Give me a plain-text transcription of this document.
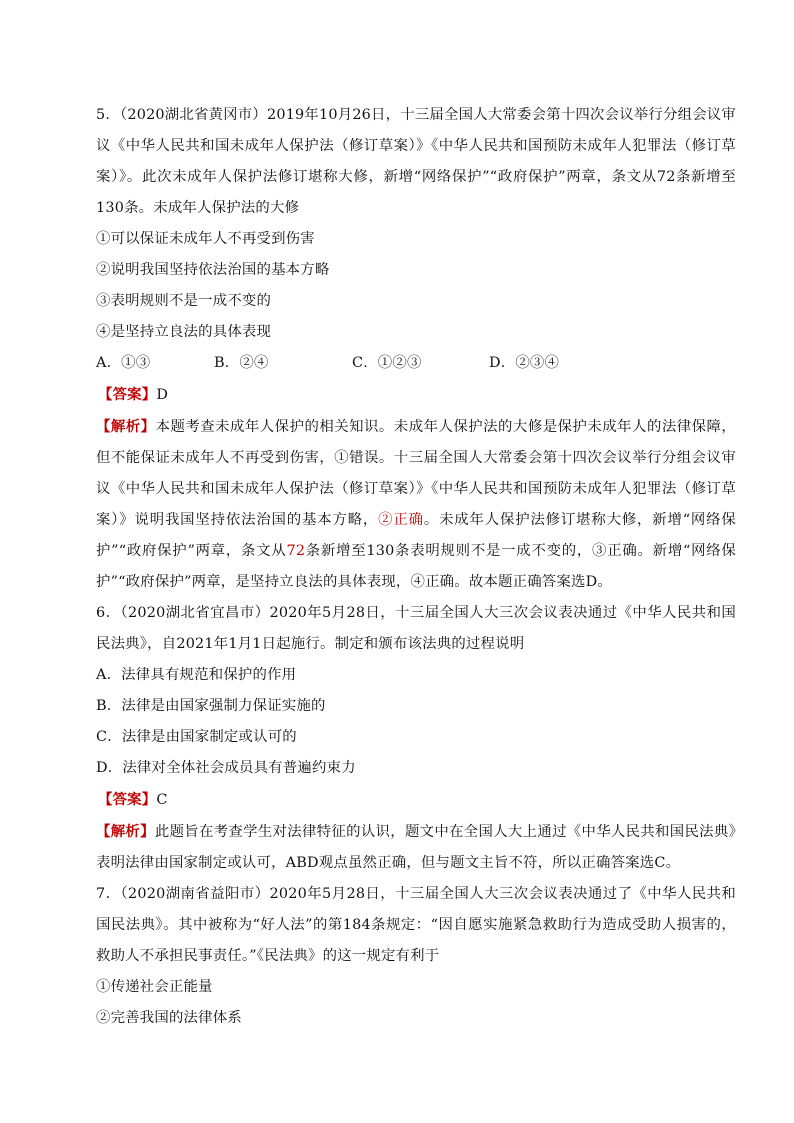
5．（2020湖北省黄冈市）2019年10月26日，十三届全国人大常委会第十四次会议举行分组会议审议《中华人民共和国未成年人保护法（修订草案）》《中华人民共和国预防未成年人犯罪法（修订草案）》。此次未成年人保护法修订堪称大修，新增“网络保护”“政府保护”两章，条文从72条新增至130条。未成年人保护法的大修

①可以保证未成年人不再受到伤害

②说明我国坚持依法治国的基本方略

③表明规则不是一成不变的

④是坚持立良法的具体表现

A．①③	B．②④	C．①②③	D．②③④

【答案】D

【解析】本题考查未成年人保护的相关知识。未成年人保护法的大修是保护未成年人的法律保障，但不能保证未成年人不再受到伤害，①错误。十三届全国人大常委会第十四次会议举行分组会议审议《中华人民共和国未成年人保护法（修订草案）》《中华人民共和国预防未成年人犯罪法（修订草案）》说明我国坚持依法治国的基本方略，②正确。未成年人保护法修订堪称大修，新增“网络保护”“政府保护”两章，条文从72条新增至130条表明规则不是一成不变的，③正确。新增“网络保护”“政府保护”两章，是坚持立良法的具体表现，④正确。故本题正确答案选D。

6．（2020湖北省宜昌市）2020年5月28日，十三届全国人大三次会议表决通过《中华人民共和国民法典》，自2021年1月1日起施行。制定和颁布该法典的过程说明

A．法律具有规范和保护的作用

B．法律是由国家强制力保证实施的

C．法律是由国家制定或认可的

D．法律对全体社会成员具有普遍约束力

【答案】C

【解析】此题旨在考查学生对法律特征的认识，题文中在全国人大上通过《中华人民共和国民法典》表明法律由国家制定或认可，ABD观点虽然正确，但与题文主旨不符，所以正确答案选C。

7．（2020湖南省益阳市）2020年5月28日，十三届全国人大三次会议表决通过了《中华人民共和国民法典》。其中被称为“好人法”的第184条规定：“因自愿实施紧急救助行为造成受助人损害的，救助人不承担民事责任。”《民法典》的这一规定有利于

①传递社会正能量

②完善我国的法律体系
